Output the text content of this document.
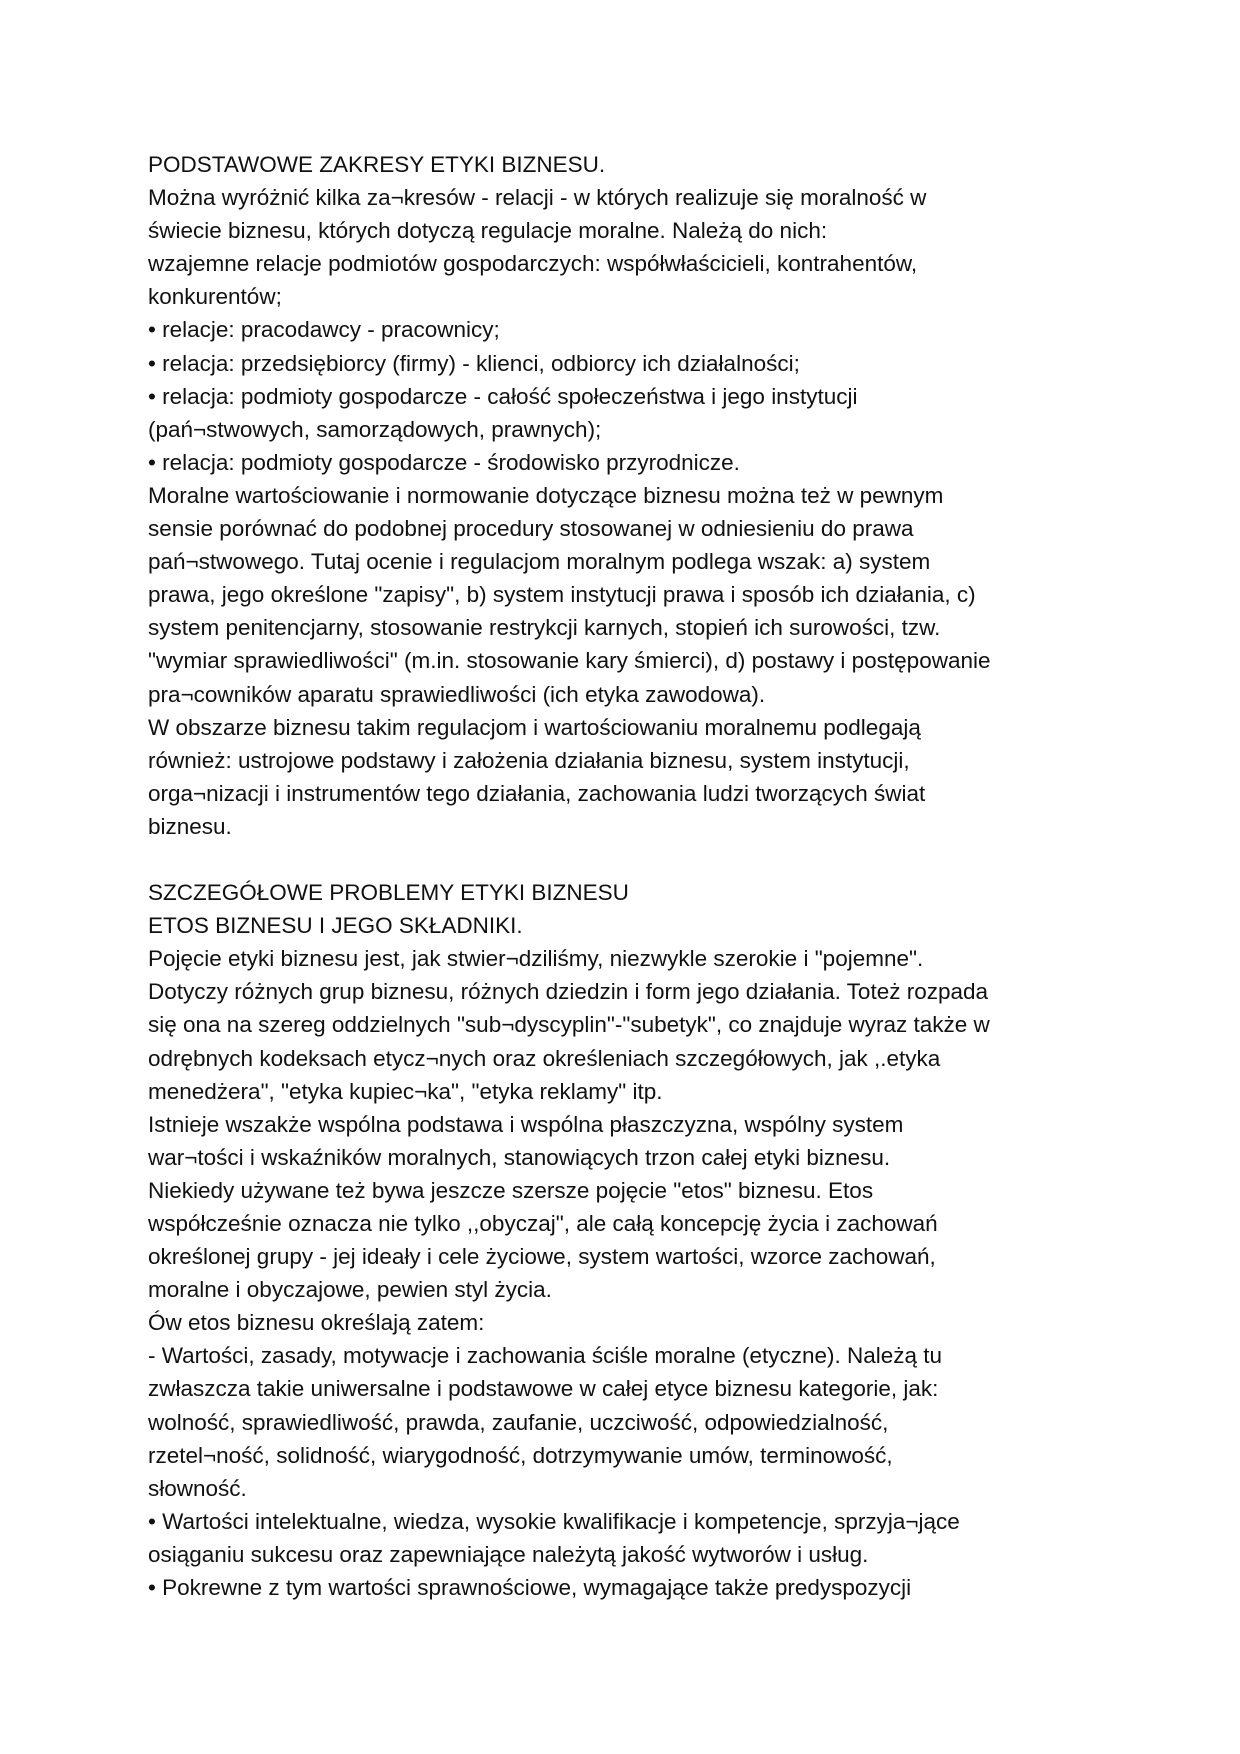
PODSTAWOWE ZAKRESY ETYKI BIZNESU.
Można wyróżnić kilka za¬kresów - relacji - w których realizuje się moralność w
świecie biznesu, których dotyczą regulacje moralne. Należą do nich:
wzajemne relacje podmiotów gospodarczych: współwłaścicieli, kontrahentów,
konkurentów;
• relacje: pracodawcy - pracownicy;
• relacja: przedsiębiorcy (firmy) - klienci, odbiorcy ich działalności;
• relacja: podmioty gospodarcze - całość społeczeństwa i jego instytucji
(pań¬stwowych, samorządowych, prawnych);
• relacja: podmioty gospodarcze - środowisko przyrodnicze.
Moralne wartościowanie i normowanie dotyczące biznesu można też w pewnym
sensie porównać do podobnej procedury stosowanej w odniesieniu do prawa
pań¬stwowego. Tutaj ocenie i regulacjom moralnym podlega wszak: a) system
prawa, jego określone "zapisy", b) system instytucji prawa i sposób ich działania, c)
system penitencjarny, stosowanie restrykcji karnych, stopień ich surowości, tzw.
"wymiar sprawiedliwości" (m.in. stosowanie kary śmierci), d) postawy i postępowanie
pra¬cowników aparatu sprawiedliwości (ich etyka zawodowa).
W obszarze biznesu takim regulacjom i wartościowaniu moralnemu podlegają
również: ustrojowe podstawy i założenia działania biznesu, system instytucji,
orga¬nizacji i instrumentów tego działania, zachowania ludzi tworzących świat
biznesu.
SZCZEGÓŁOWE PROBLEMY ETYKI BIZNESU
ETOS BIZNESU I JEGO SKŁADNIKI.
Pojęcie etyki biznesu jest, jak stwier¬dziliśmy, niezwykle szerokie i "pojemne".
Dotyczy różnych grup biznesu, różnych dziedzin i form jego działania. Toteż rozpada
się ona na szereg oddzielnych "sub¬dyscyplin"-"subetyk", co znajduje wyraz także w
odrębnych kodeksach etycz¬nych oraz określeniach szczegółowych, jak ,.etyka
menedżera", "etyka kupiec¬ka", "etyka reklamy" itp.
Istnieje wszakże wspólna podstawa i wspólna płaszczyzna, wspólny system
war¬tości i wskaźników moralnych, stanowiących trzon całej etyki biznesu.
Niekiedy używane też bywa jeszcze szersze pojęcie "etos" biznesu. Etos
współcześnie oznacza nie tylko ,,obyczaj", ale całą koncepcję życia i zachowań
określonej grupy - jej ideały i cele życiowe, system wartości, wzorce zachowań,
moralne i obyczajowe, pewien styl życia.
Ów etos biznesu określają zatem:
- Wartości, zasady, motywacje i zachowania ściśle moralne (etyczne). Należą tu
zwłaszcza takie uniwersalne i podstawowe w całej etyce biznesu kategorie, jak:
wolność, sprawiedliwość, prawda, zaufanie, uczciwość, odpowiedzialność,
rzetel¬ność, solidność, wiarygodność, dotrzymywanie umów, terminowość,
słowność.
• Wartości intelektualne, wiedza, wysokie kwalifikacje i kompetencje, sprzyja¬jące
osiąganiu sukcesu oraz zapewniające należytą jakość wytworów i usług.
• Pokrewne z tym wartości sprawnościowe, wymagające także predyspozycji
